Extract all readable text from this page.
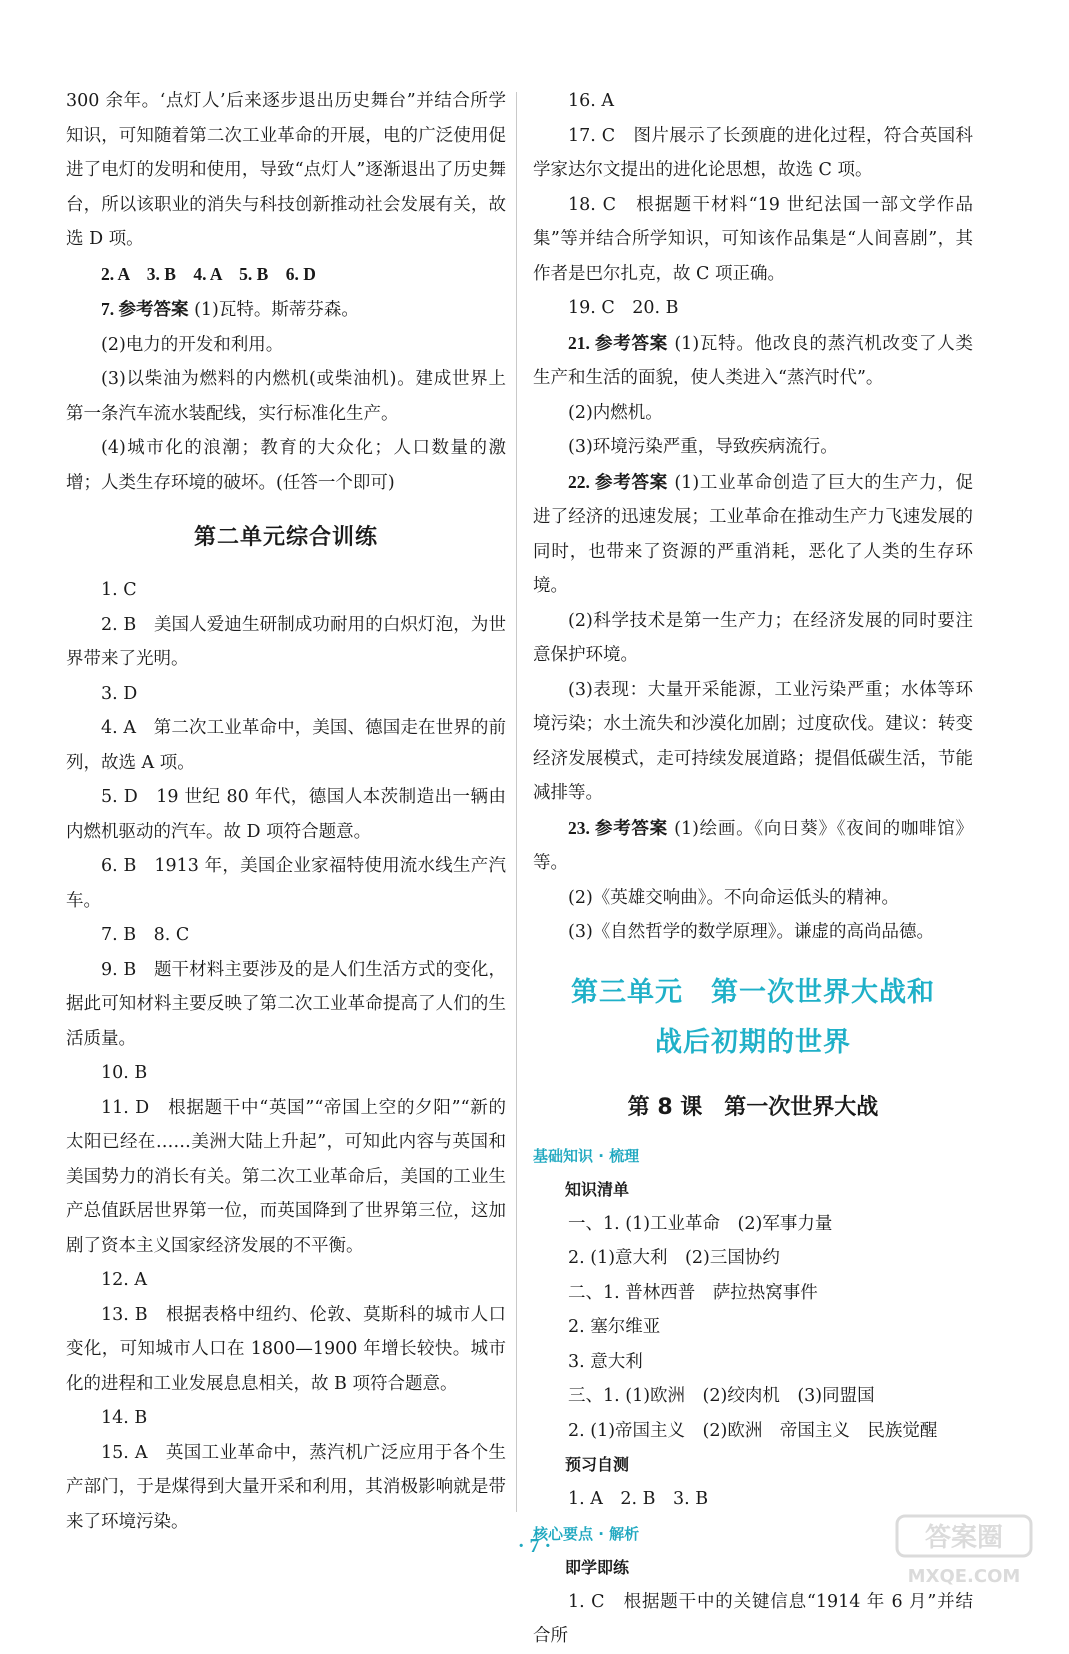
300 余年。‘点灯人’后来逐步退出历史舞台”并结合所学知识，可知随着第二次工业革命的开展，电的广泛使用促进了电灯的发明和使用，导致“点灯人”逐渐退出了历史舞台，所以该职业的消失与科技创新推动社会发展有关，故选 D 项。

2. A　3. B　4. A　5. B　6. D

7. 参考答案 (1)瓦特。斯蒂芬森。

(2)电力的开发和利用。

(3)以柴油为燃料的内燃机(或柴油机)。建成世界上第一条汽车流水装配线，实行标准化生产。

(4)城市化的浪潮；教育的大众化；人口数量的激增；人类生存环境的破坏。(任答一个即可)

第二单元综合训练

1. C

2. B　美国人爱迪生研制成功耐用的白炽灯泡，为世界带来了光明。

3. D

4. A　第二次工业革命中，美国、德国走在世界的前列，故选 A 项。

5. D　19 世纪 80 年代，德国人本茨制造出一辆由内燃机驱动的汽车。故 D 项符合题意。

6. B　1913 年，美国企业家福特使用流水线生产汽车。

7. B　8. C

9. B　题干材料主要涉及的是人们生活方式的变化，据此可知材料主要反映了第二次工业革命提高了人们的生活质量。

10. B

11. D　根据题干中“英国”“帝国上空的夕阳”“新的太阳已经在……美洲大陆上升起”，可知此内容与英国和美国势力的消长有关。第二次工业革命后，美国的工业生产总值跃居世界第一位，而英国降到了世界第三位，这加剧了资本主义国家经济发展的不平衡。

12. A

13. B　根据表格中纽约、伦敦、莫斯科的城市人口变化，可知城市人口在 1800—1900 年增长较快。城市化的进程和工业发展息息相关，故 B 项符合题意。

14. B

15. A　英国工业革命中，蒸汽机广泛应用于各个生产部门，于是煤得到大量开采和利用，其消极影响就是带来了环境污染。

16. A

17. C　图片展示了长颈鹿的进化过程，符合英国科学家达尔文提出的进化论思想，故选 C 项。

18. C　根据题干材料“19 世纪法国一部文学作品集”等并结合所学知识，可知该作品集是“人间喜剧”，其作者是巴尔扎克，故 C 项正确。

19. C　20. B

21. 参考答案 (1)瓦特。他改良的蒸汽机改变了人类生产和生活的面貌，使人类进入“蒸汽时代”。

(2)内燃机。

(3)环境污染严重，导致疾病流行。

22. 参考答案 (1)工业革命创造了巨大的生产力，促进了经济的迅速发展；工业革命在推动生产力飞速发展的同时，也带来了资源的严重消耗，恶化了人类的生存环境。

(2)科学技术是第一生产力；在经济发展的同时要注意保护环境。

(3)表现：大量开采能源，工业污染严重；水体等环境污染；水土流失和沙漠化加剧；过度砍伐。建议：转变经济发展模式，走可持续发展道路；提倡低碳生活，节能减排等。

23. 参考答案 (1)绘画。《向日葵》《夜间的咖啡馆》等。

(2)《英雄交响曲》。不向命运低头的精神。

(3)《自然哲学的数学原理》。谦虚的高尚品德。

第三单元　第一次世界大战和
战后初期的世界
第 8 课　第一次世界大战

基础知识 · 梳理

知识清单

一、1. (1)工业革命　(2)军事力量

2. (1)意大利　(2)三国协约

二、1. 普林西普　萨拉热窝事件

2. 塞尔维亚

3. 意大利

三、1. (1)欧洲　(2)绞肉机　(3)同盟国

2. (1)帝国主义　(2)欧洲　帝国主义　民族觉醒

预习自测

1. A　2. B　3. B

核心要点 · 解析

即学即练

1. C　根据题干中的关键信息“1914 年 6 月”并结合所

· 7 ·	答案圈
MXQE.COM
